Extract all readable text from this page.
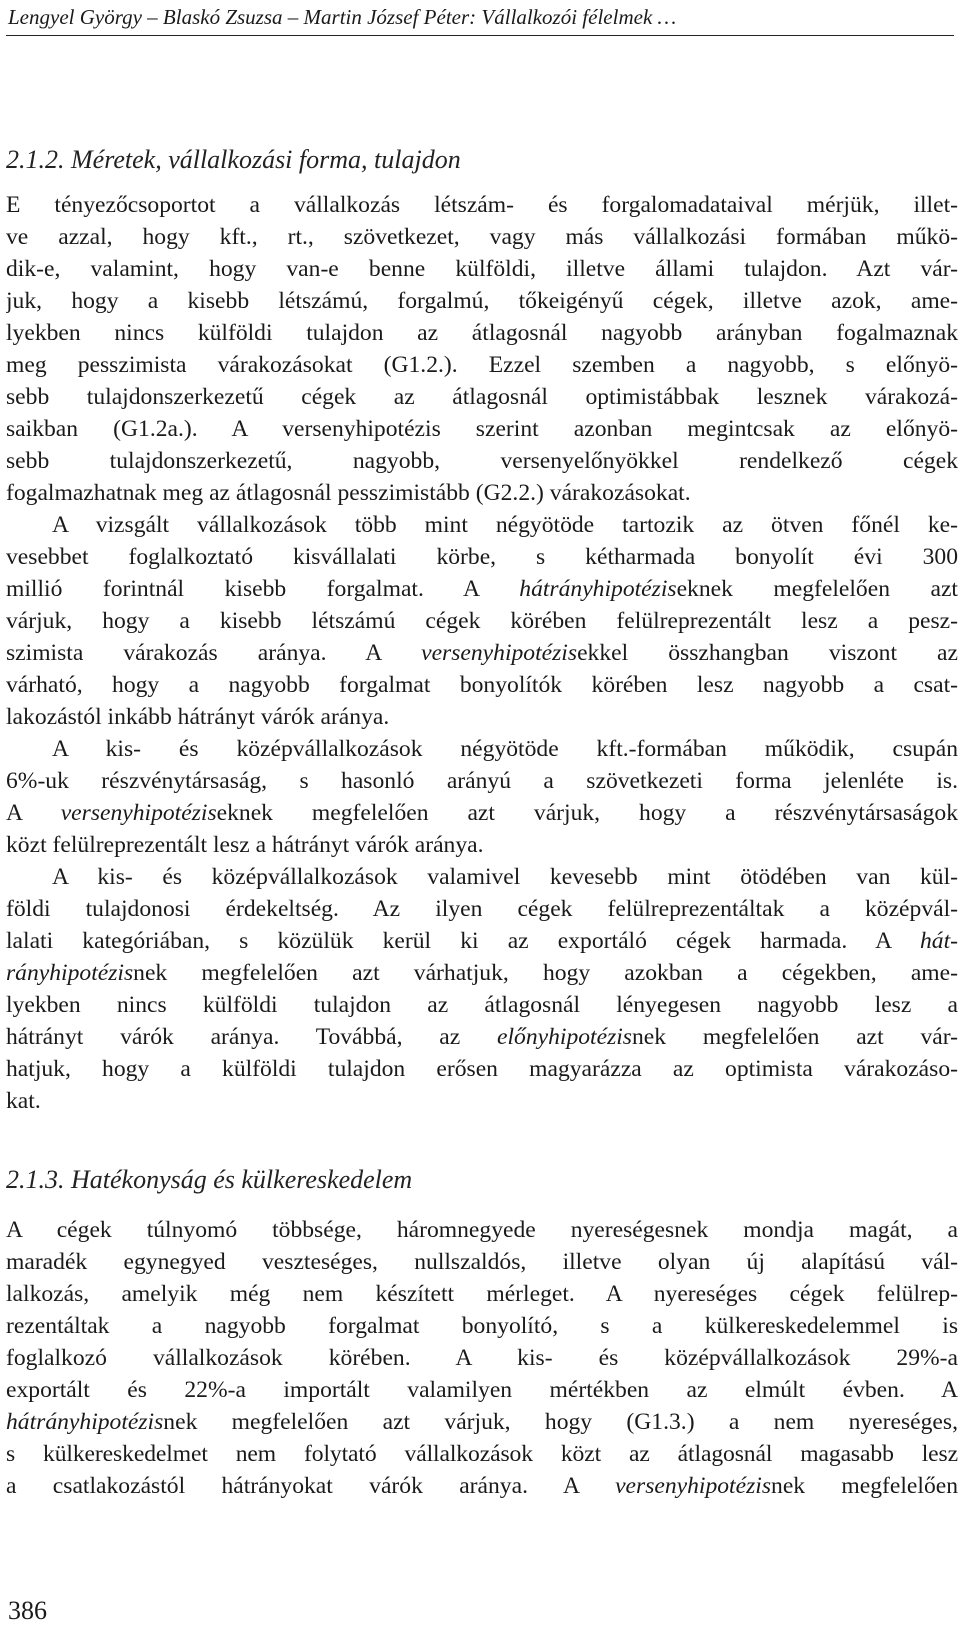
Lengyel György – Blaskó Zsuzsa – Martin József Péter: Vállalkozói félelmek …
2.1.2. Méretek, vállalkozási forma, tulajdon
E tényezőcsoportot a vállalkozás létszám- és forgalomadataival mérjük, illet-
ve azzal, hogy kft., rt., szövetkezet, vagy más vállalkozási formában műkö-
dik-e, valamint, hogy van-e benne külföldi, illetve állami tulajdon. Azt vár-
juk, hogy a kisebb létszámú, forgalmú, tőkeigényű cégek, illetve azok, ame-
lyekben nincs külföldi tulajdon az átlagosnál nagyobb arányban fogalmaznak
meg pesszimista várakozásokat (G1.2.). Ezzel szemben a nagyobb, s előnyö-
sebb tulajdonszerkezetű cégek az átlagosnál optimistábbak lesznek várakozá-
saikban (G1.2a.). A versenyhipotézis szerint azonban megintcsak az előnyö-
sebb tulajdonszerkezetű, nagyobb, versenyelőnyökkel rendelkező cégek
fogalmazhatnak meg az átlagosnál pesszimistább (G2.2.) várakozásokat.
A vizsgált vállalkozások több mint négyötöde tartozik az ötven főnél ke-
vesebbet foglalkoztató kisvállalati körbe, s kétharmada bonyolít évi 300
millió forintnál kisebb forgalmat. A hátrányhipotéziseknek megfelelően azt
várjuk, hogy a kisebb létszámú cégek körében felülreprezentált lesz a pesz-
szimista várakozás aránya. A versenyhipotézisekkel összhangban viszont az
várható, hogy a nagyobb forgalmat bonyolítók körében lesz nagyobb a csat-
lakozástól inkább hátrányt várók aránya.
A kis- és középvállalkozások négyötöde kft.-formában működik, csupán
6%-uk részvénytársaság, s hasonló arányú a szövetkezeti forma jelenléte is.
A versenyhipotéziseknek megfelelően azt várjuk, hogy a részvénytársaságok
közt felülreprezentált lesz a hátrányt várók aránya.
A kis- és középvállalkozások valamivel kevesebb mint ötödében van kül-
földi tulajdonosi érdekeltség. Az ilyen cégek felülreprezentáltak a középvál-
lalati kategóriában, s közülük kerül ki az exportáló cégek harmada. A hát-
rányhipotézisnek megfelelően azt várhatjuk, hogy azokban a cégekben, ame-
lyekben nincs külföldi tulajdon az átlagosnál lényegesen nagyobb lesz a
hátrányt várók aránya. Továbbá, az előnyhipotézisnek megfelelően azt vár-
hatjuk, hogy a külföldi tulajdon erősen magyarázza az optimista várakozáso-
kat.
2.1.3. Hatékonyság és külkereskedelem
A cégek túlnyomó többsége, háromnegyede nyereségesnek mondja magát, a
maradék egynegyed veszteséges, nullszaldós, illetve olyan új alapítású vál-
lalkozás, amelyik még nem készített mérleget. A nyereséges cégek felülrep-
rezentáltak a nagyobb forgalmat bonyolító, s a külkereskedelemmel is
foglalkozó vállalkozások körében. A kis- és középvállalkozások 29%-a
exportált és 22%-a importált valamilyen mértékben az elmúlt évben. A
hátrányhipotézisnek megfelelően azt várjuk, hogy (G1.3.) a nem nyereséges,
s külkereskedelmet nem folytató vállalkozások közt az átlagosnál magasabb lesz
a csatlakozástól hátrányokat várók aránya. A versenyhipotézisnek megfelelően
386
